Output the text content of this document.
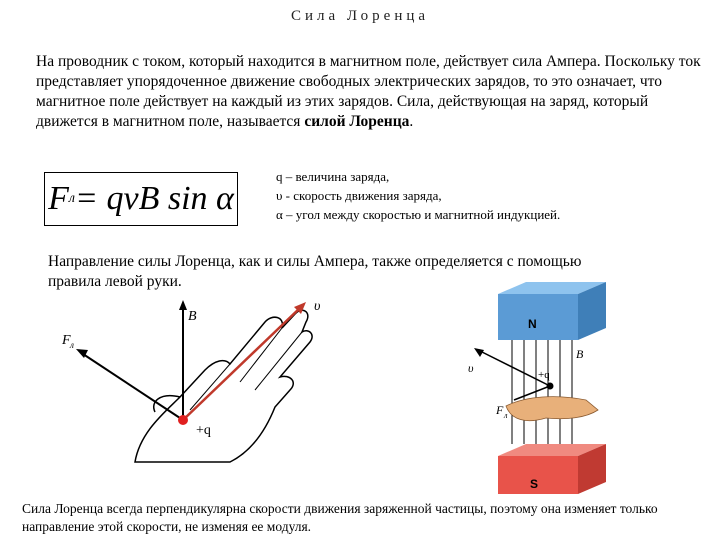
Сила Лоренца
На проводник с током, который находится в магнитном поле, действует сила Ампера. Поскольку ток представляет упорядоченное движение свободных электрических зарядов, то это означает, что магнитное поле действует на каждый из этих зарядов. Сила, действующая на заряд, который движется в магнитном поле, называется силой Лоренца.
F л = qvB sin α
q – величина заряда,
υ - скорость движения заряда,
α – угол между скоростью и магнитной индукцией.
Направление силы Лоренца, как и силы Ампера, также определяется с помощью правила левой руки.
F л
B
υ
+q
N
S
B
υ	+q
F л
Сила Лоренца всегда перпендикулярна скорости движения заряженной частицы, поэтому она изменяет только направление этой скорости, не изменяя ее модуля.
